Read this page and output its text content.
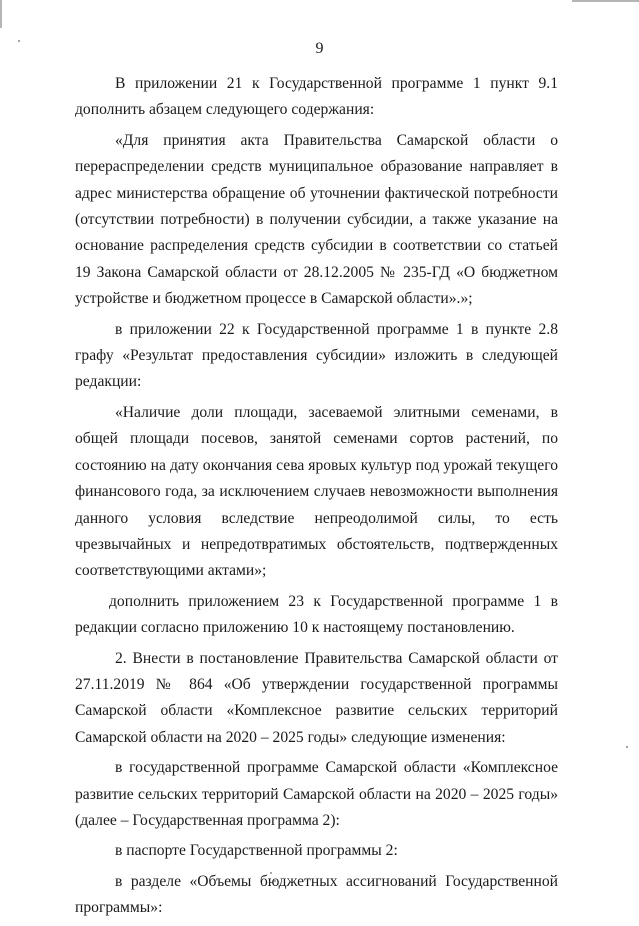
9

В приложении 21 к Государственной программе 1 пункт 9.1 дополнить абзацем следующего содержания:

«Для принятия акта Правительства Самарской области о перераспределении средств муниципальное образование направляет в адрес министерства обращение об уточнении фактической потребности (отсутствии потребности) в получении субсидии, а также указание на основание распределения средств субсидии в соответствии со статьей 19 Закона Самарской области от 28.12.2005 № 235-ГД «О бюджетном устройстве и бюджетном процессе в Самарской области».»;

в приложении 22 к Государственной программе 1 в пункте 2.8 графу «Результат предоставления субсидии» изложить в следующей редакции:

«Наличие доли площади, засеваемой элитными семенами, в общей площади посевов, занятой семенами сортов растений, по состоянию на дату окончания сева яровых культур под урожай текущего финансового года, за исключением случаев невозможности выполнения данного условия вследствие непреодолимой силы, то есть чрезвычайных и непредотвратимых обстоятельств, подтвержденных соответствующими актами»;

дополнить приложением 23 к Государственной программе 1 в редакции согласно приложению 10 к настоящему постановлению.

2. Внести в постановление Правительства Самарской области от 27.11.2019 № 864 «Об утверждении государственной программы Самарской области «Комплексное развитие сельских территорий Самарской области на 2020 – 2025 годы» следующие изменения:

в государственной программе Самарской области «Комплексное развитие сельских территорий Самарской области на 2020 – 2025 годы» (далее – Государственная программа 2):

в паспорте Государственной программы 2:

в разделе «Объемы бюджетных ассигнований Государственной программы»:
